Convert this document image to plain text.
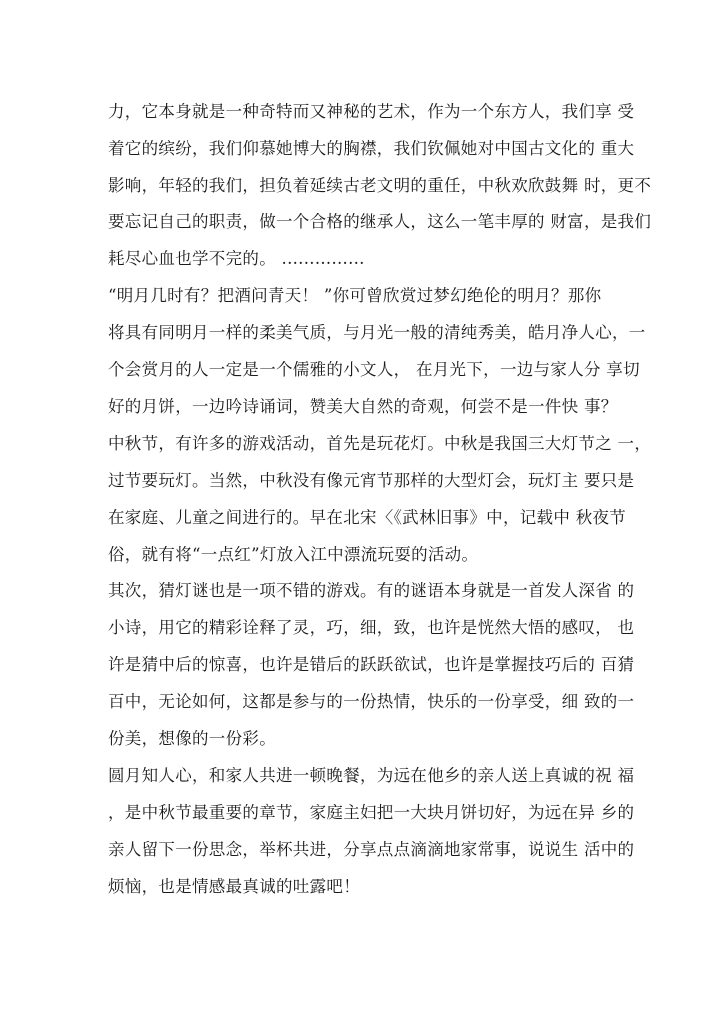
力，它本身就是一种奇特而又神秘的艺术，作为一个东方人，我们享 受
着它的缤纷，我们仰慕她博大的胸襟，我们钦佩她对中国古文化的 重大
影响，年轻的我们，担负着延续古老文明的重任，中秋欢欣鼓舞 时，更不
要忘记自己的职责，做一个合格的继承人，这么一笔丰厚的 财富，是我们
耗尽心血也学不完的。 ...............
“明月几时有？把酒问青天！ ”你可曾欣赏过梦幻绝伦的明月？那你
将具有同明月一样的柔美气质，与月光一般的清纯秀美，皓月净人心，一
个会赏月的人一定是一个儒雅的小文人， 在月光下，一边与家人分 享切
好的月饼，一边吟诗诵词，赞美大自然的奇观，何尝不是一件快 事？
中秋节，有许多的游戏活动，首先是玩花灯。中秋是我国三大灯节之 一，
过节要玩灯。当然，中秋没有像元宵节那样的大型灯会，玩灯主 要只是
在家庭、儿童之间进行的。早在北宋〈《武林旧事》中，记载中 秋夜节
俗，就有将“一点红”灯放入江中漂流玩耍的活动。
其次，猜灯谜也是一项不错的游戏。有的谜语本身就是一首发人深省 的
小诗，用它的精彩诠释了灵，巧，细，致，也许是恍然大悟的感叹， 也
许是猜中后的惊喜，也许是错后的跃跃欲试，也许是掌握技巧后的 百猜
百中，无论如何，这都是参与的一份热情，快乐的一份享受，细 致的一
份美，想像的一份彩。
圆月知人心，和家人共进一顿晚餐，为远在他乡的亲人送上真诚的祝 福
，是中秋节最重要的章节，家庭主妇把一大块月饼切好，为远在异 乡的
亲人留下一份思念，举杯共进，分享点点滴滴地家常事，说说生 活中的
烦恼，也是情感最真诚的吐露吧！
